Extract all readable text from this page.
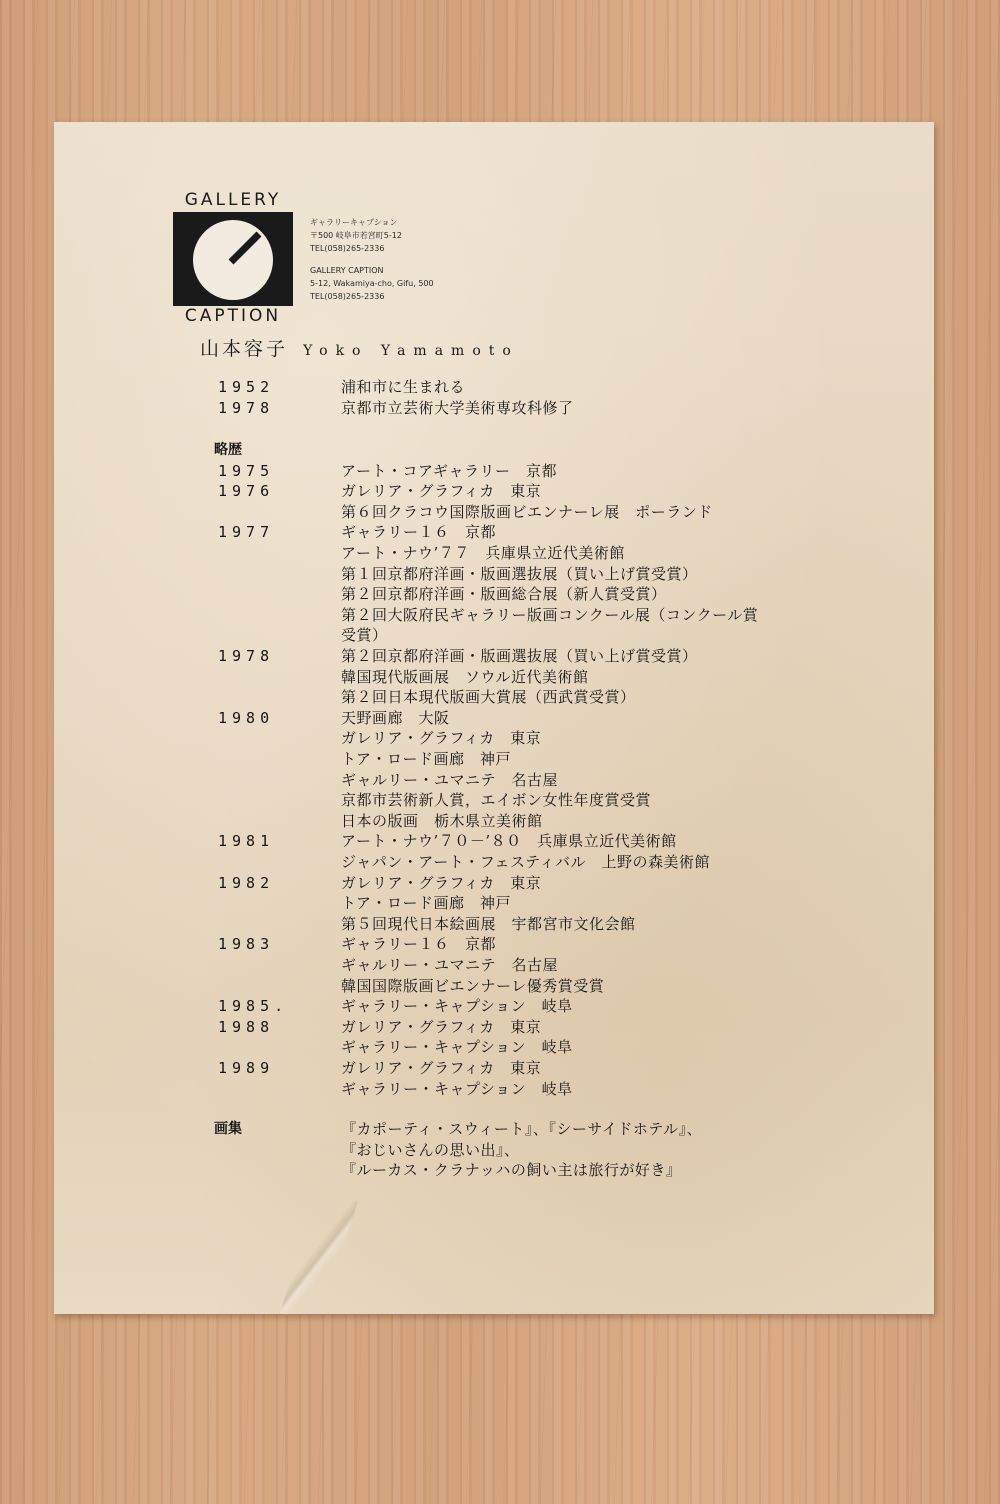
GALLERY
CAPTION
ギャラリーキャプション
〒500 岐阜市若宮町5-12
TEL(058)265-2336
GALLERY CAPTION
5-12, Wakamiya-cho, Gifu, 500
TEL(058)265-2336
山本容子 Yoko Yamamoto
1952	浦和市に生まれる
1978	京都市立芸術大学美術専攻科修了
略歴
1975	アート・コアギャラリー　京都
1976	ガレリア・グラフィカ　東京
第６回クラコウ国際版画ビエンナーレ展　ポーランド
1977	ギャラリー１６　京都
アート・ナウ’７７　兵庫県立近代美術館
第１回京都府洋画・版画選抜展（買い上げ賞受賞）
第２回京都府洋画・版画総合展（新人賞受賞）
第２回大阪府民ギャラリー版画コンクール展（コンクール賞
受賞）
1978	第２回京都府洋画・版画選抜展（買い上げ賞受賞）
韓国現代版画展　ソウル近代美術館
第２回日本現代版画大賞展（西武賞受賞）
1980	天野画廊　大阪
ガレリア・グラフィカ　東京
トア・ロード画廊　神戸
ギャルリー・ユマニテ　名古屋
京都市芸術新人賞，エイボン女性年度賞受賞
日本の版画　栃木県立美術館
1981	アート・ナウ’７０－’８０　兵庫県立近代美術館
ジャパン・アート・フェスティバル　上野の森美術館
1982	ガレリア・グラフィカ　東京
トア・ロード画廊　神戸
第５回現代日本絵画展　宇都宮市文化会館
1983	ギャラリー１６　京都
ギャルリー・ユマニテ　名古屋
韓国国際版画ビエンナーレ優秀賞受賞
1985.	ギャラリー・キャプション　岐阜
1988	ガレリア・グラフィカ　東京
ギャラリー・キャプション　岐阜
1989	ガレリア・グラフィカ　東京
ギャラリー・キャプション　岐阜
画集	『カポーティ・スウィート』、『シーサイドホテル』、
『おじいさんの思い出』、
『ルーカス・クラナッハの飼い主は旅行が好き』
